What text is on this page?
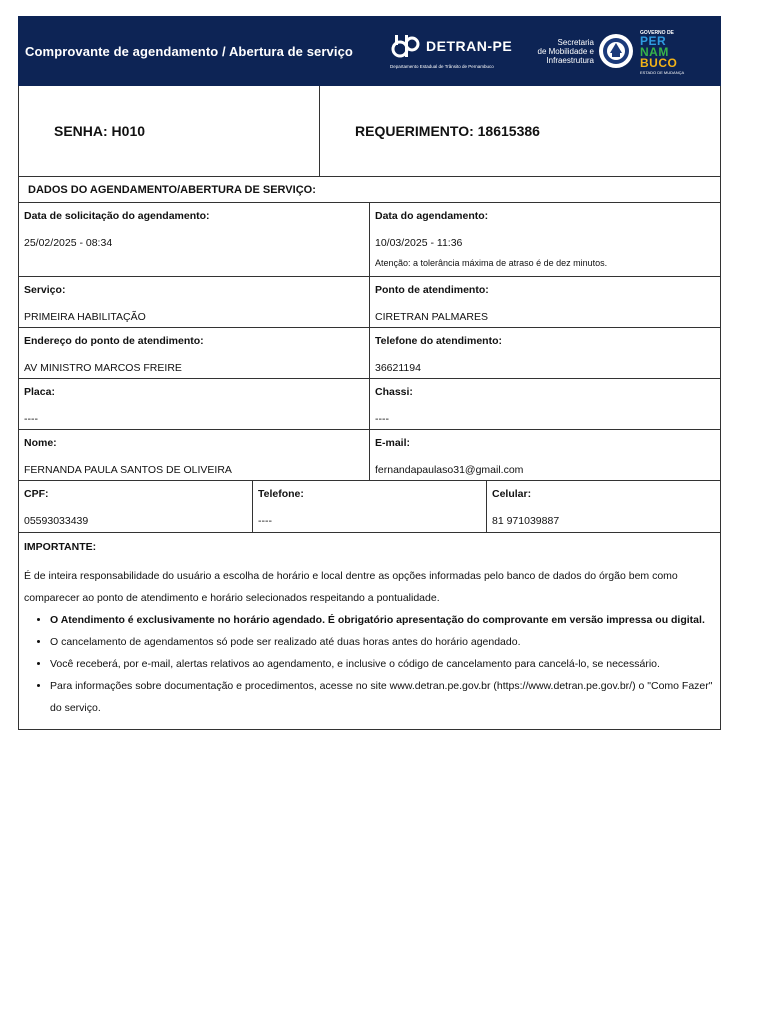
Comprovante de agendamento / Abertura de serviço	DETRAN-PE
Departamento Estadual de Trânsito de Pernambuco
Secretaria
de Mobilidade e
Infraestrutura
GOVERNO DE
PER
NAM
BUCO
ESTADO DE MUDANÇA
SENHA: H010	REQUERIMENTO: 18615386
DADOS DO AGENDAMENTO/ABERTURA DE SERVIÇO:
Data de solicitação do agendamento:
25/02/2025 - 08:34
Data do agendamento:
10/03/2025 - 11:36
Atenção: a tolerância máxima de atraso é de dez minutos.
Serviço:
PRIMEIRA HABILITAÇÃO
Ponto de atendimento:
CIRETRAN PALMARES
Endereço do ponto de atendimento:
AV MINISTRO MARCOS FREIRE
Telefone do atendimento:
36621194
Placa:
----
Chassi:
----
Nome:
FERNANDA PAULA SANTOS DE OLIVEIRA
E-mail:
fernandapaulaso31@gmail.com
CPF:
05593033439
Telefone:
----
Celular:
81 971039887
IMPORTANTE:
É de inteira responsabilidade do usuário a escolha de horário e local dentre as opções informadas pelo banco de dados do órgão bem como comparecer ao ponto de atendimento e horário selecionados respeitando a pontualidade.
• O Atendimento é exclusivamente no horário agendado. É obrigatório apresentação do comprovante em versão impressa ou digital.
• O cancelamento de agendamentos só pode ser realizado até duas horas antes do horário agendado.
• Você receberá, por e-mail, alertas relativos ao agendamento, e inclusive o código de cancelamento para cancelá-lo, se necessário.
• Para informações sobre documentação e procedimentos, acesse no site www.detran.pe.gov.br (https://www.detran.pe.gov.br/) o "Como Fazer" do serviço.
